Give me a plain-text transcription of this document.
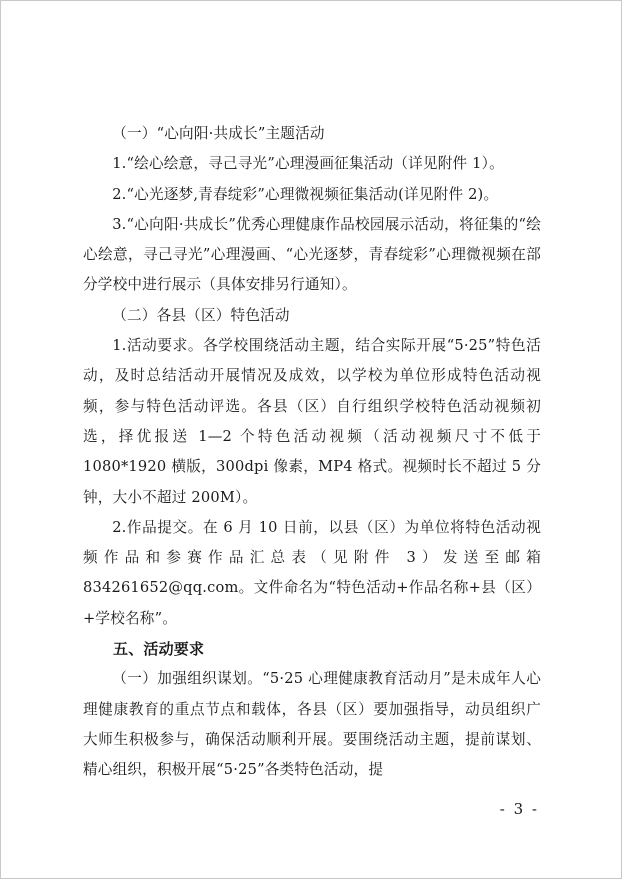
（一）“心向阳·共成长”主题活动

1.“绘心绘意，寻己寻光”心理漫画征集活动（详见附件 1）。

2.“心光逐梦,青春绽彩”心理微视频征集活动(详见附件 2)。

3.“心向阳·共成长”优秀心理健康作品校园展示活动，将征集的“绘心绘意，寻己寻光”心理漫画、“心光逐梦，青春绽彩”心理微视频在部分学校中进行展示（具体安排另行通知）。

（二）各县（区）特色活动

1.活动要求。各学校围绕活动主题，结合实际开展“5·25”特色活动，及时总结活动开展情况及成效，以学校为单位形成特色活动视频，参与特色活动评选。各县（区）自行组织学校特色活动视频初选，择优报送 1—2 个特色活动视频（活动视频尺寸不低于 1080*1920 横版，300dpi 像素，MP4 格式。视频时长不超过 5 分钟，大小不超过 200M）。

2.作品提交。在 6 月 10 日前，以县（区）为单位将特色活动视频作品和参赛作品汇总表（见附件 3）发送至邮箱834261652@qq.com。文件命名为“特色活动+作品名称+县（区）+学校名称”。

五、活动要求

（一）加强组织谋划。“5·25 心理健康教育活动月”是未成年人心理健康教育的重点节点和载体，各县（区）要加强指导，动员组织广大师生积极参与，确保活动顺利开展。要围绕活动主题，提前谋划、精心组织，积极开展“5·25”各类特色活动，提

- 3 -
